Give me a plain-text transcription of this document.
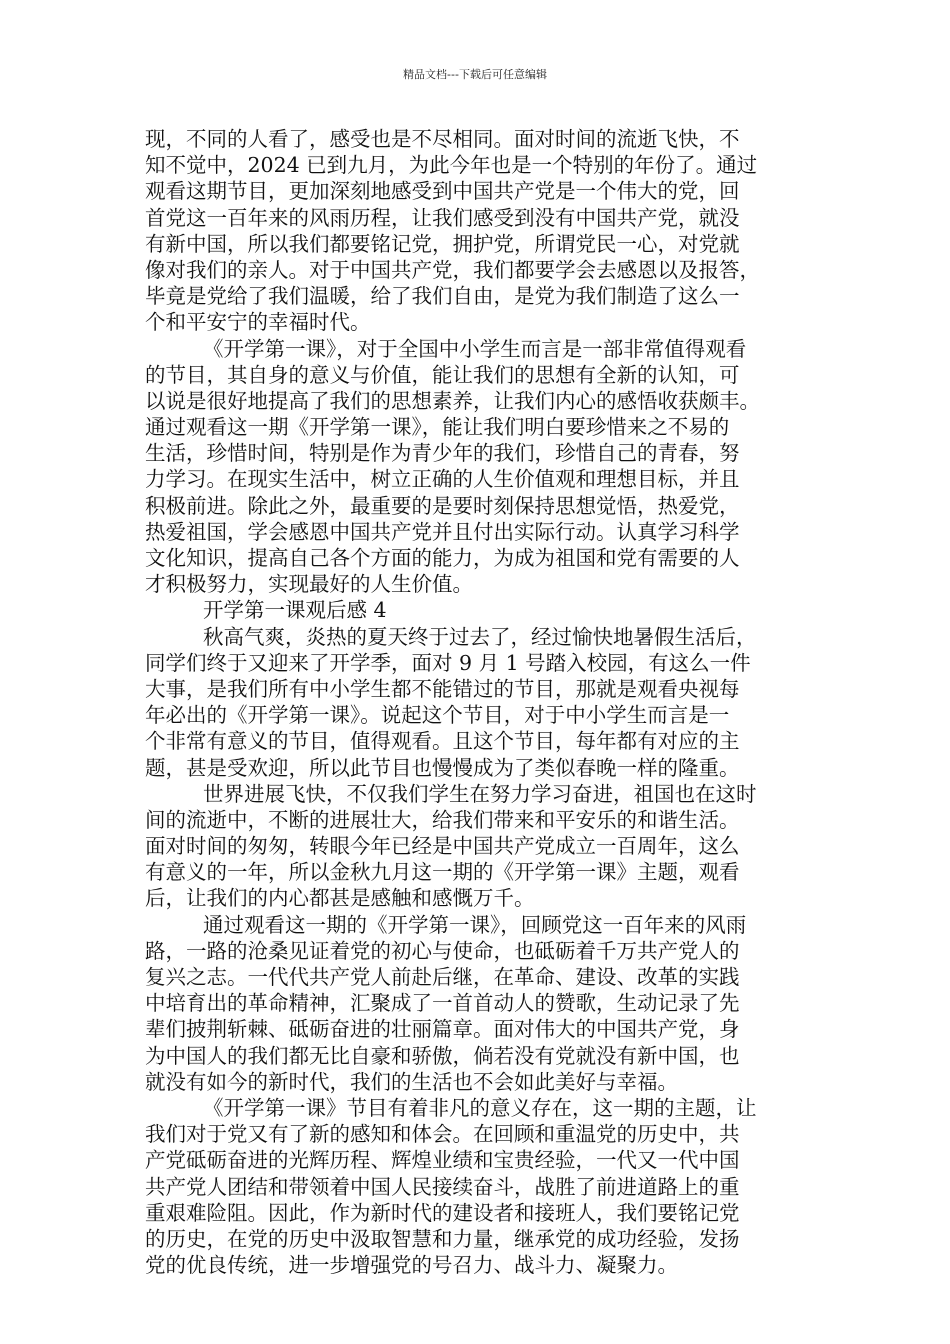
精品文档---下载后可任意编辑
现，不同的人看了，感受也是不尽相同。面对时间的流逝飞快，不
知不觉中，2024 已到九月，为此今年也是一个特别的年份了。通过
观看这期节目，更加深刻地感受到中国共产党是一个伟大的党，回
首党这一百年来的风雨历程，让我们感受到没有中国共产党，就没
有新中国，所以我们都要铭记党，拥护党，所谓党民一心，对党就
像对我们的亲人。对于中国共产党，我们都要学会去感恩以及报答，
毕竟是党给了我们温暖，给了我们自由，是党为我们制造了这么一
个和平安宁的幸福时代。
《开学第一课》，对于全国中小学生而言是一部非常值得观看
的节目，其自身的意义与价值，能让我们的思想有全新的认知，可
以说是很好地提高了我们的思想素养，让我们内心的感悟收获颇丰。
通过观看这一期《开学第一课》，能让我们明白要珍惜来之不易的
生活，珍惜时间，特别是作为青少年的我们，珍惜自己的青春，努
力学习。在现实生活中，树立正确的人生价值观和理想目标，并且
积极前进。除此之外，最重要的是要时刻保持思想觉悟，热爱党，
热爱祖国，学会感恩中国共产党并且付出实际行动。认真学习科学
文化知识，提高自己各个方面的能力，为成为祖国和党有需要的人
才积极努力，实现最好的人生价值。
开学第一课观后感 4
秋高气爽，炎热的夏天终于过去了，经过愉快地暑假生活后，
同学们终于又迎来了开学季，面对 9 月 1 号踏入校园，有这么一件
大事，是我们所有中小学生都不能错过的节目，那就是观看央视每
年必出的《开学第一课》。说起这个节目，对于中小学生而言是一
个非常有意义的节目，值得观看。且这个节目，每年都有对应的主
题，甚是受欢迎，所以此节目也慢慢成为了类似春晚一样的隆重。
世界进展飞快，不仅我们学生在努力学习奋进，祖国也在这时
间的流逝中，不断的进展壮大，给我们带来和平安乐的和谐生活。
面对时间的匆匆，转眼今年已经是中国共产党成立一百周年，这么
有意义的一年，所以金秋九月这一期的《开学第一课》主题，观看
后，让我们的内心都甚是感触和感慨万千。
通过观看这一期的《开学第一课》，回顾党这一百年来的风雨
路，一路的沧桑见证着党的初心与使命，也砥砺着千万共产党人的
复兴之志。一代代共产党人前赴后继，在革命、建设、改革的实践
中培育出的革命精神，汇聚成了一首首动人的赞歌，生动记录了先
辈们披荆斩棘、砥砺奋进的壮丽篇章。面对伟大的中国共产党，身
为中国人的我们都无比自豪和骄傲，倘若没有党就没有新中国，也
就没有如今的新时代，我们的生活也不会如此美好与幸福。
《开学第一课》节目有着非凡的意义存在，这一期的主题，让
我们对于党又有了新的感知和体会。在回顾和重温党的历史中，共
产党砥砺奋进的光辉历程、辉煌业绩和宝贵经验，一代又一代中国
共产党人团结和带领着中国人民接续奋斗，战胜了前进道路上的重
重艰难险阻。因此，作为新时代的建设者和接班人，我们要铭记党
的历史，在党的历史中汲取智慧和力量，继承党的成功经验，发扬
党的优良传统，进一步增强党的号召力、战斗力、凝聚力。
